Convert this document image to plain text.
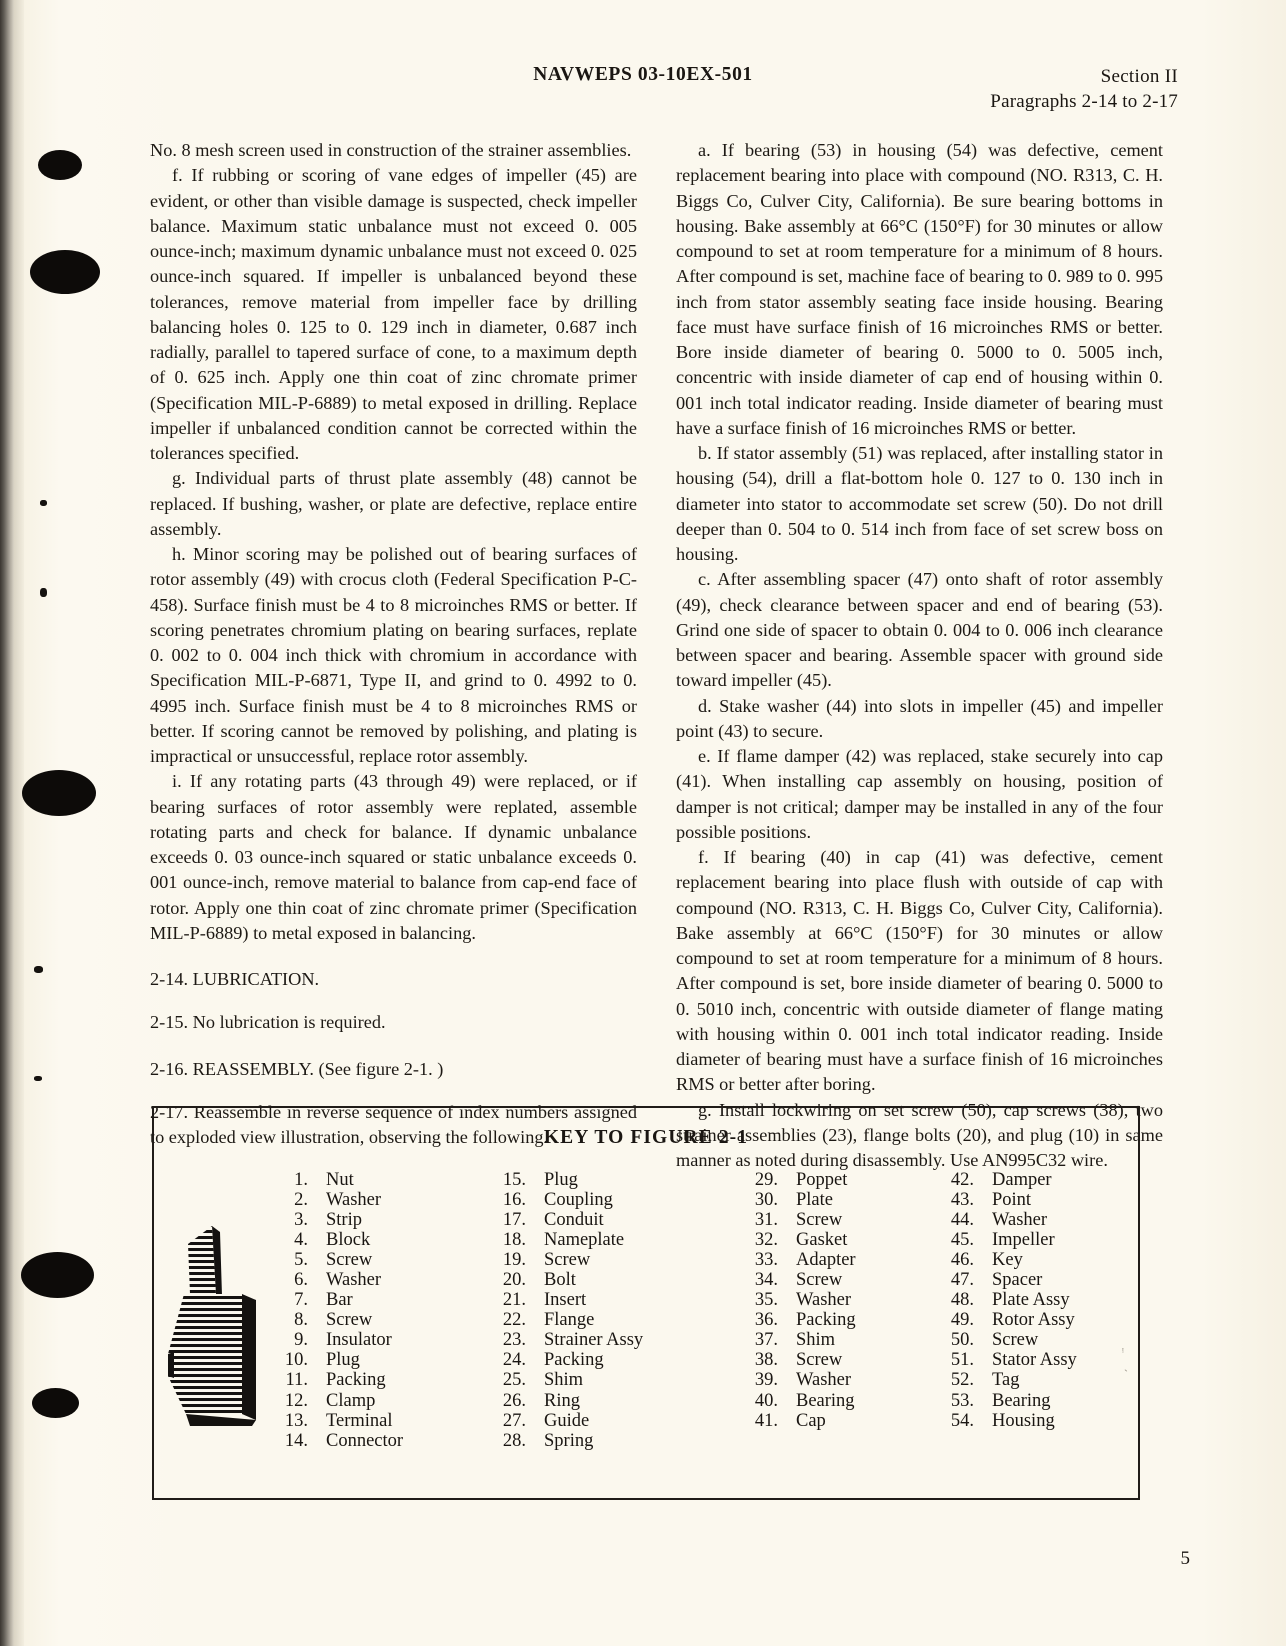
NAVWEPS 03-10EX-501	Section II
Paragraphs 2-14 to 2-17

No. 8 mesh screen used in construction of the strainer assemblies.

f. If rubbing or scoring of vane edges of impeller (45) are evident, or other than visible damage is suspected, check impeller balance. Maximum static unbalance must not exceed 0. 005 ounce-inch; maximum dynamic unbalance must not exceed 0. 025 ounce-inch squared. If impeller is unbalanced beyond these tolerances, remove material from impeller face by drilling balancing holes 0. 125 to 0. 129 inch in diameter, 0.687 inch radially, parallel to tapered surface of cone, to a maximum depth of 0. 625 inch. Apply one thin coat of zinc chromate primer (Specification MIL-P-6889) to metal exposed in drilling. Replace impeller if unbalanced condition cannot be corrected within the tolerances specified.

g. Individual parts of thrust plate assembly (48) cannot be replaced. If bushing, washer, or plate are defective, replace entire assembly.

h. Minor scoring may be polished out of bearing surfaces of rotor assembly (49) with crocus cloth (Federal Specification P-C-458). Surface finish must be 4 to 8 microinches RMS or better. If scoring penetrates chromium plating on bearing surfaces, replate 0. 002 to 0. 004 inch thick with chromium in accordance with Specification MIL-P-6871, Type II, and grind to 0. 4992 to 0. 4995 inch. Surface finish must be 4 to 8 microinches RMS or better. If scoring cannot be removed by polishing, and plating is impractical or unsuccessful, replace rotor assembly.

i. If any rotating parts (43 through 49) were replaced, or if bearing surfaces of rotor assembly were replated, assemble rotating parts and check for balance. If dynamic unbalance exceeds 0. 03 ounce-inch squared or static unbalance exceeds 0. 001 ounce-inch, remove material to balance from cap-end face of rotor. Apply one thin coat of zinc chromate primer (Specification MIL-P-6889) to metal exposed in balancing.

2-14. LUBRICATION.

2-15. No lubrication is required.

2-16. REASSEMBLY. (See figure 2-1. )

2-17. Reassemble in reverse sequence of index numbers assigned to exploded view illustration, observing the following.

a. If bearing (53) in housing (54) was defective, cement replacement bearing into place with compound (NO. R313, C. H. Biggs Co, Culver City, California). Be sure bearing bottoms in housing. Bake assembly at 66°C (150°F) for 30 minutes or allow compound to set at room temperature for a minimum of 8 hours. After compound is set, machine face of bearing to 0. 989 to 0. 995 inch from stator assembly seating face inside housing. Bearing face must have surface finish of 16 microinches RMS or better. Bore inside diameter of bearing 0. 5000 to 0. 5005 inch, concentric with inside diameter of cap end of housing within 0. 001 inch total indicator reading. Inside diameter of bearing must have a surface finish of 16 microinches RMS or better.

b. If stator assembly (51) was replaced, after installing stator in housing (54), drill a flat-bottom hole 0. 127 to 0. 130 inch in diameter into stator to accommodate set screw (50). Do not drill deeper than 0. 504 to 0. 514 inch from face of set screw boss on housing.

c. After assembling spacer (47) onto shaft of rotor assembly (49), check clearance between spacer and end of bearing (53). Grind one side of spacer to obtain 0. 004 to 0. 006 inch clearance between spacer and bearing. Assemble spacer with ground side toward impeller (45).

d. Stake washer (44) into slots in impeller (45) and impeller point (43) to secure.

e. If flame damper (42) was replaced, stake securely into cap (41). When installing cap assembly on housing, position of damper is not critical; damper may be installed in any of the four possible positions.

f. If bearing (40) in cap (41) was defective, cement replacement bearing into place flush with outside of cap with compound (NO. R313, C. H. Biggs Co, Culver City, California). Bake assembly at 66°C (150°F) for 30 minutes or allow compound to set at room temperature for a minimum of 8 hours. After compound is set, bore inside diameter of bearing 0. 5000 to 0. 5010 inch, concentric with outside diameter of flange mating with housing within 0. 001 inch total indicator reading. Inside diameter of bearing must have a surface finish of 16 microinches RMS or better after boring.

g. Install lockwiring on set screw (50), cap screws (38), two strainer assemblies (23), flange bolts (20), and plug (10) in same manner as noted during disassembly. Use AN995C32 wire.

KEY TO FIGURE 2-1
1. Nut
2. Washer
3. Strip
4. Block
5. Screw
6. Washer
7. Bar
8. Screw
9. Insulator
10. Plug
11. Packing
12. Clamp
13. Terminal
14. Connector
15. Plug
16. Coupling
17. Conduit
18. Nameplate
19. Screw
20. Bolt
21. Insert
22. Flange
23. Strainer Assy
24. Packing
25. Shim
26. Ring
27. Guide
28. Spring
29. Poppet
30. Plate
31. Screw
32. Gasket
33. Adapter
34. Screw
35. Washer
36. Packing
37. Shim
38. Screw
39. Washer
40. Bearing
41. Cap
42. Damper
43. Point
44. Washer
45. Impeller
46. Key
47. Spacer
48. Plate Assy
49. Rotor Assy
50. Screw
51. Stator Assy
52. Tag
53. Bearing
54. Housing
ᵎ
ˎ
5
